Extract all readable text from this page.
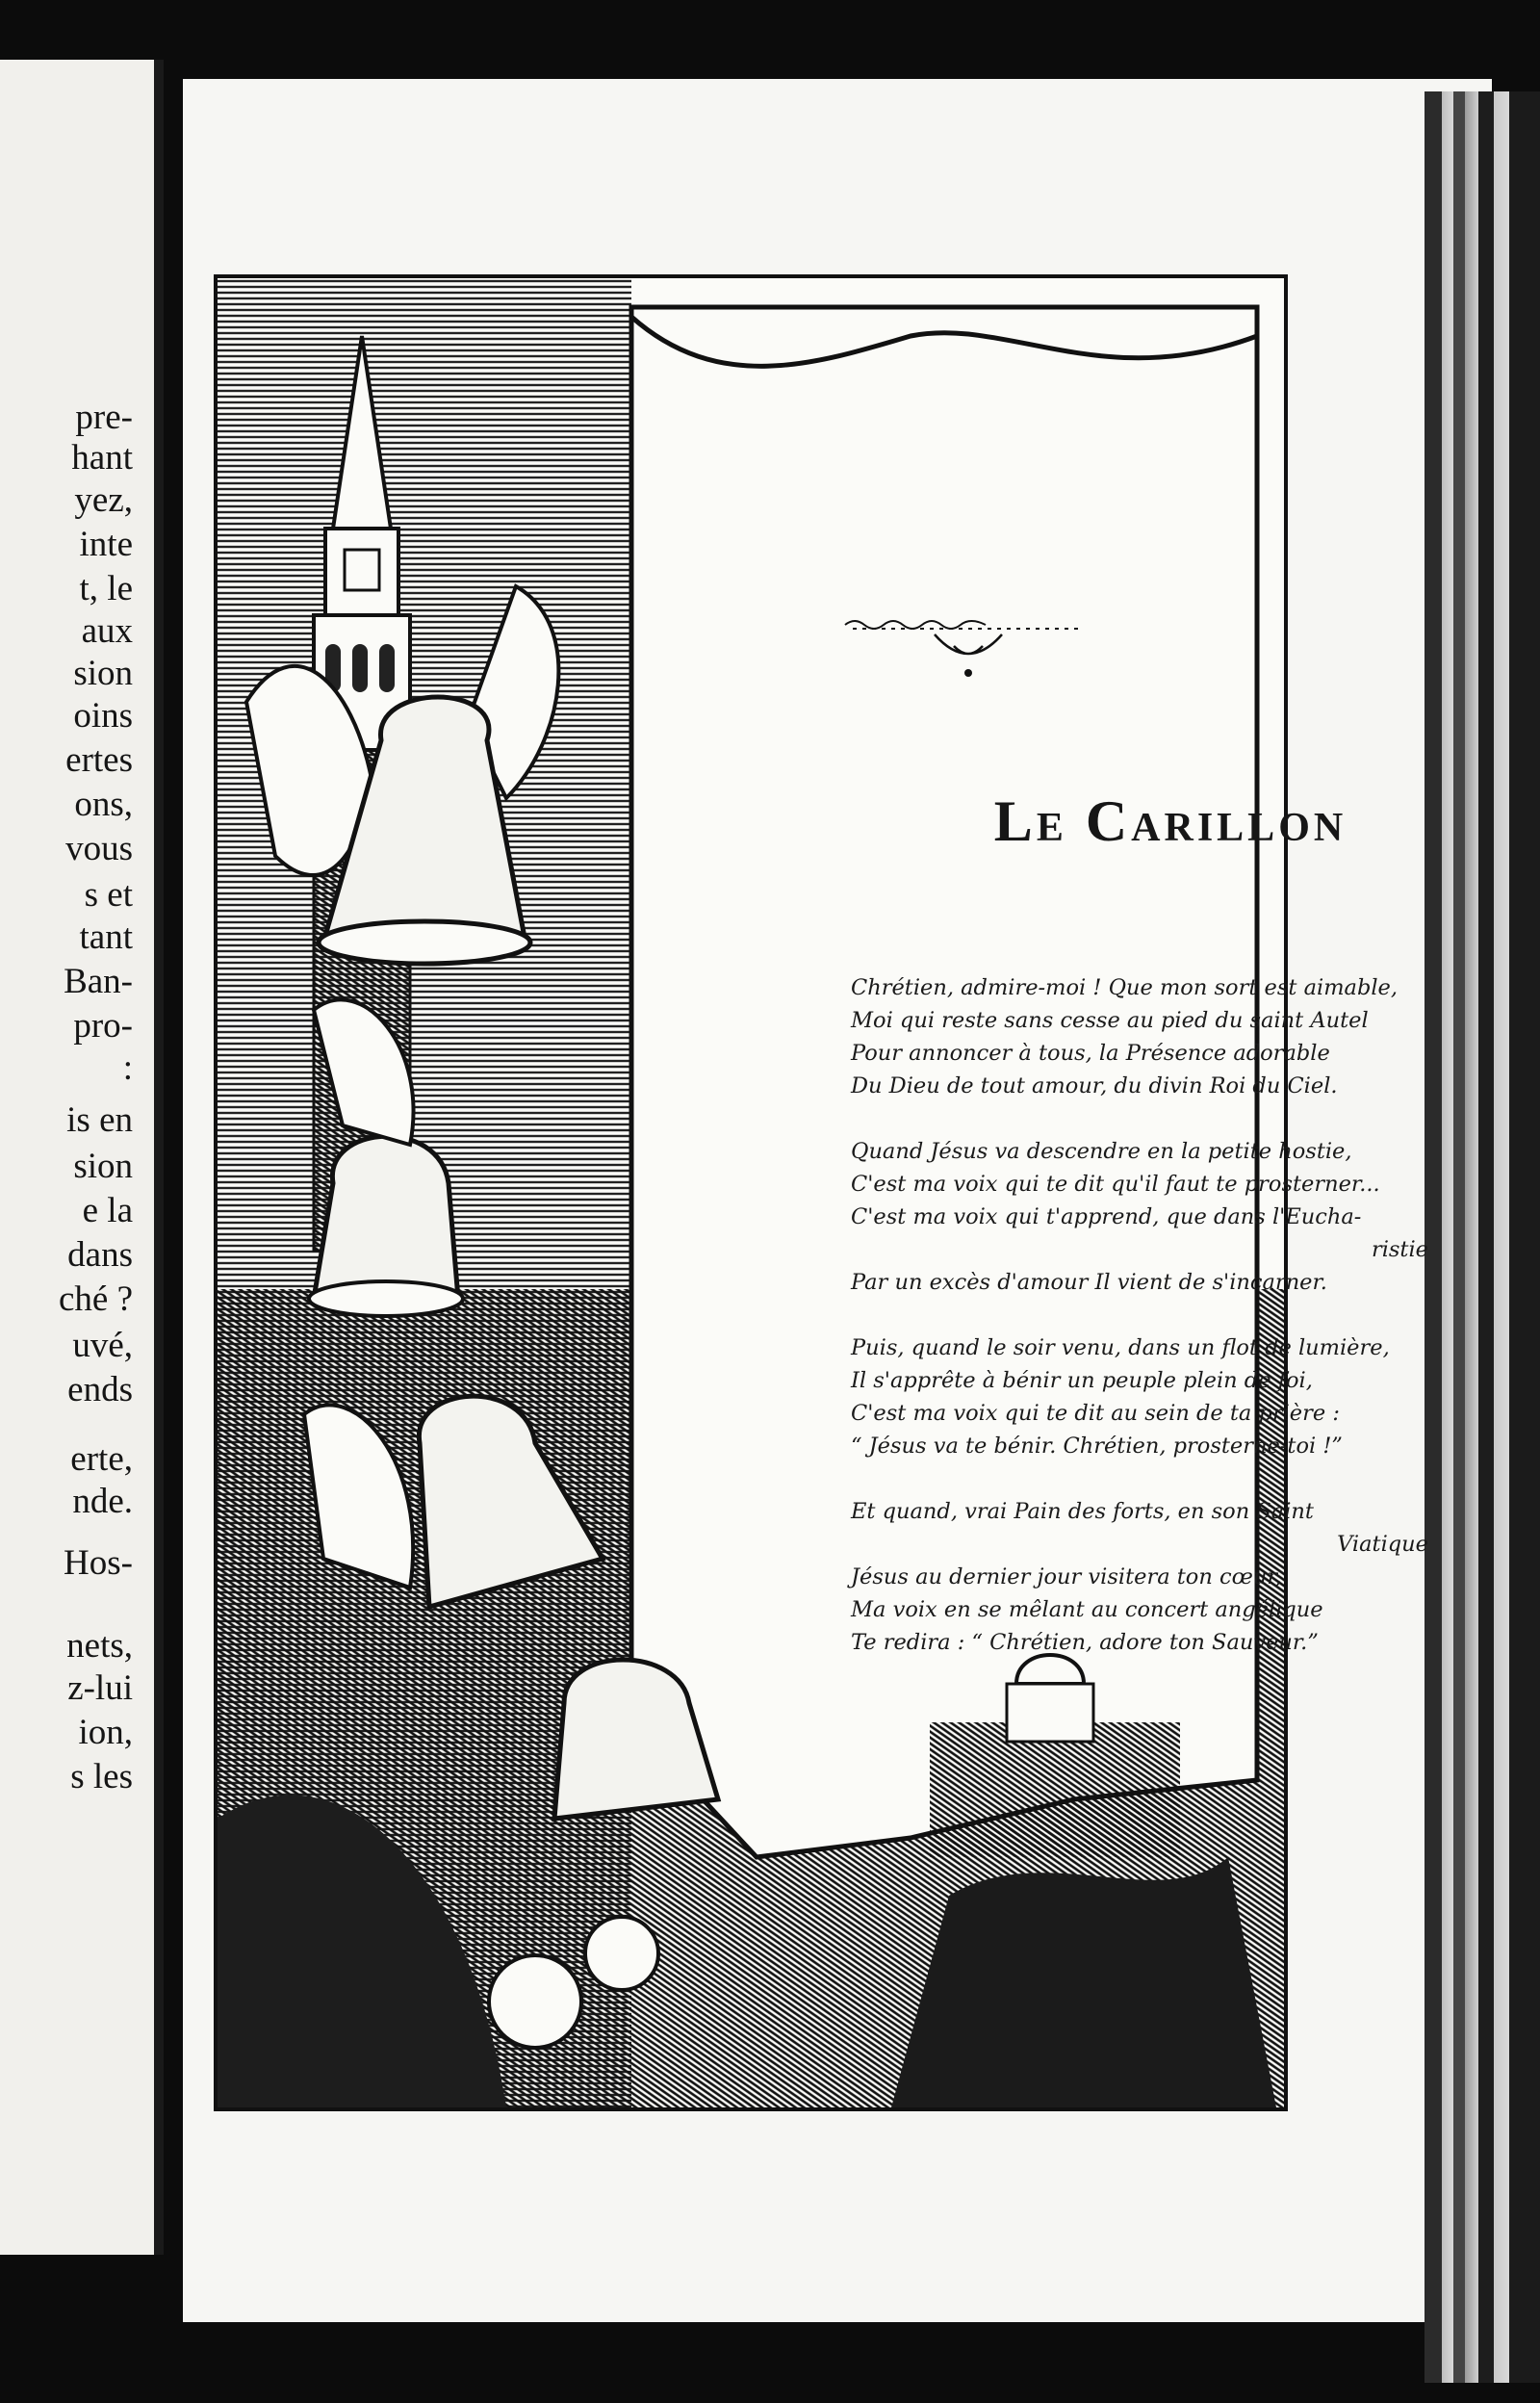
pre-
hant
yez,
inte
t, le
aux
sion
oins
ertes
ons,
vous
s et
tant
Ban-
pro-
:
is en
sion
e la
dans
ché ?
uvé,
ends
erte,
nde.
Hos-
nets,
z-lui
ion,
s les
Le Carillon
Chrétien, admire-moi ! Que mon sort est aimable,
Moi qui reste sans cesse au pied du saint Autel
Pour annoncer à tous, la Présence adorable
Du Dieu de tout amour, du divin Roi du Ciel.
Quand Jésus va descendre en la petite hostie,
C'est ma voix qui te dit qu'il faut te prosterner...
C'est ma voix qui t'apprend, que dans l'Eucha-
ristie
Par un excès d'amour Il vient de s'incarner.
Puis, quand le soir venu, dans un flot de lumière,
Il s'apprête à bénir un peuple plein de foi,
C'est ma voix qui te dit au sein de ta prière :
“ Jésus va te bénir. Chrétien, prosterne-toi !”
Et quand, vrai Pain des forts, en son Saint
Viatique
Jésus au dernier jour visitera ton cœur,
Ma voix en se mêlant au concert angélique
Te redira : “ Chrétien, adore ton Sauveur.”
